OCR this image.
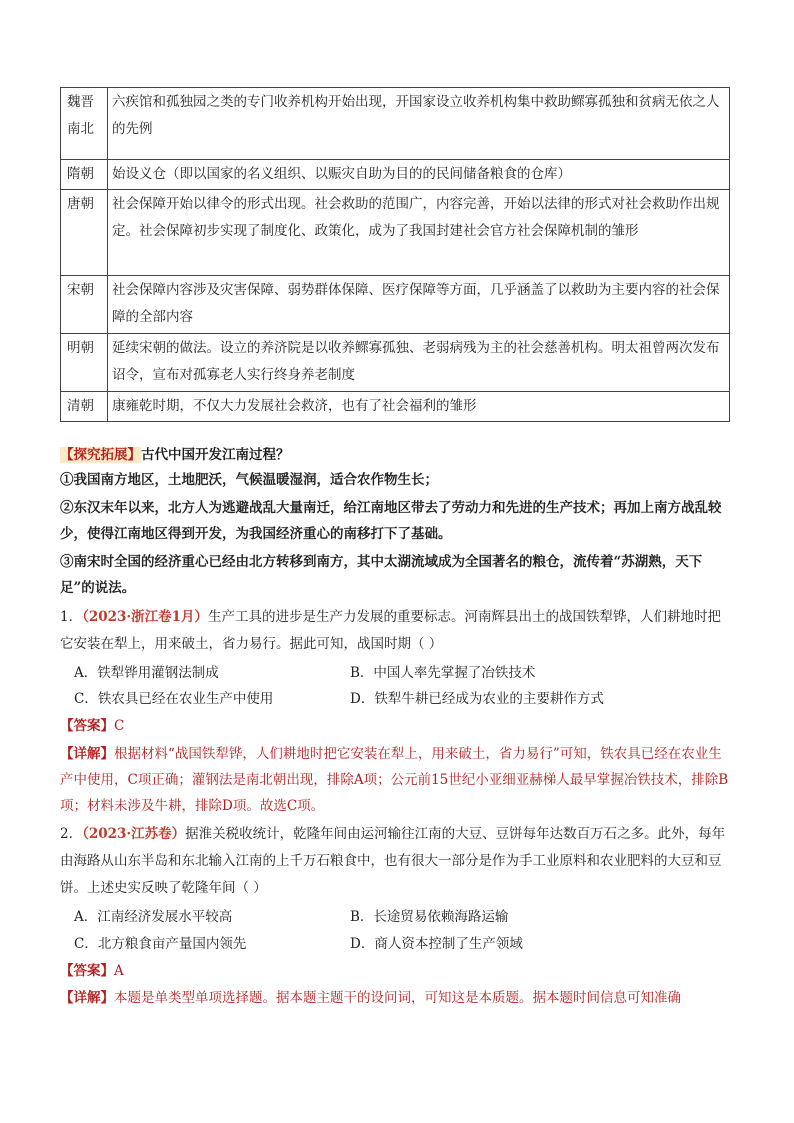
魏晋南北	六疾馆和孤独园之类的专门收养机构开始出现，开国家设立收养机构集中救助鳏寡孤独和贫病无依之人的先例
隋朝	始设义仓（即以国家的名义组织、以赈灾自助为目的的民间储备粮食的仓库）
唐朝	社会保障开始以律令的形式出现。社会救助的范围广，内容完善，开始以法律的形式对社会救助作出规定。社会保障初步实现了制度化、政策化，成为了我国封建社会官方社会保障机制的雏形
宋朝	社会保障内容涉及灾害保障、弱势群体保障、医疗保障等方面，几乎涵盖了以救助为主要内容的社会保障的全部内容
明朝	延续宋朝的做法。设立的养济院是以收养鳏寡孤独、老弱病残为主的社会慈善机构。明太祖曾两次发布诏令，宣布对孤寡老人实行终身养老制度
清朝	康雍乾时期，不仅大力发展社会救济，也有了社会福利的雏形
【探究拓展】古代中国开发江南过程？
①我国南方地区，土地肥沃，气候温暖湿润，适合农作物生长；
②东汉末年以来，北方人为逃避战乱大量南迁，给江南地区带去了劳动力和先进的生产技术；再加上南方战乱较少，使得江南地区得到开发，为我国经济重心的南移打下了基础。
③南宋时全国的经济重心已经由北方转移到南方，其中太湖流域成为全国著名的粮仓，流传着“苏湖熟，天下足”的说法。
1．（2023·浙江卷1月）生产工具的进步是生产力发展的重要标志。河南辉县出土的战国铁犁铧，人们耕地时把它安装在犁上，用来破土，省力易行。据此可知，战国时期（ ）
A．铁犁铧用灌钢法制成	B．中国人率先掌握了冶铁技术
C．铁农具已经在农业生产中使用	D．铁犁牛耕已经成为农业的主要耕作方式
【答案】C
【详解】根据材料“战国铁犁铧，人们耕地时把它安装在犁上，用来破土，省力易行”可知，铁农具已经在农业生产中使用，C项正确；灌钢法是南北朝出现，排除A项；公元前15世纪小亚细亚赫梯人最早掌握冶铁技术，排除B项；材料未涉及牛耕，排除D项。故选C项。
2．（2023·江苏卷）据淮关税收统计，乾隆年间由运河输往江南的大豆、豆饼每年达数百万石之多。此外，每年由海路从山东半岛和东北输入江南的上千万石粮食中，也有很大一部分是作为手工业原料和农业肥料的大豆和豆饼。上述史实反映了乾隆年间（ ）
A．江南经济发展水平较高	B．长途贸易依赖海路运输
C．北方粮食亩产量国内领先	D．商人资本控制了生产领域
【答案】A
【详解】本题是单类型单项选择题。据本题主题干的设问词，可知这是本质题。据本题时间信息可知准确
